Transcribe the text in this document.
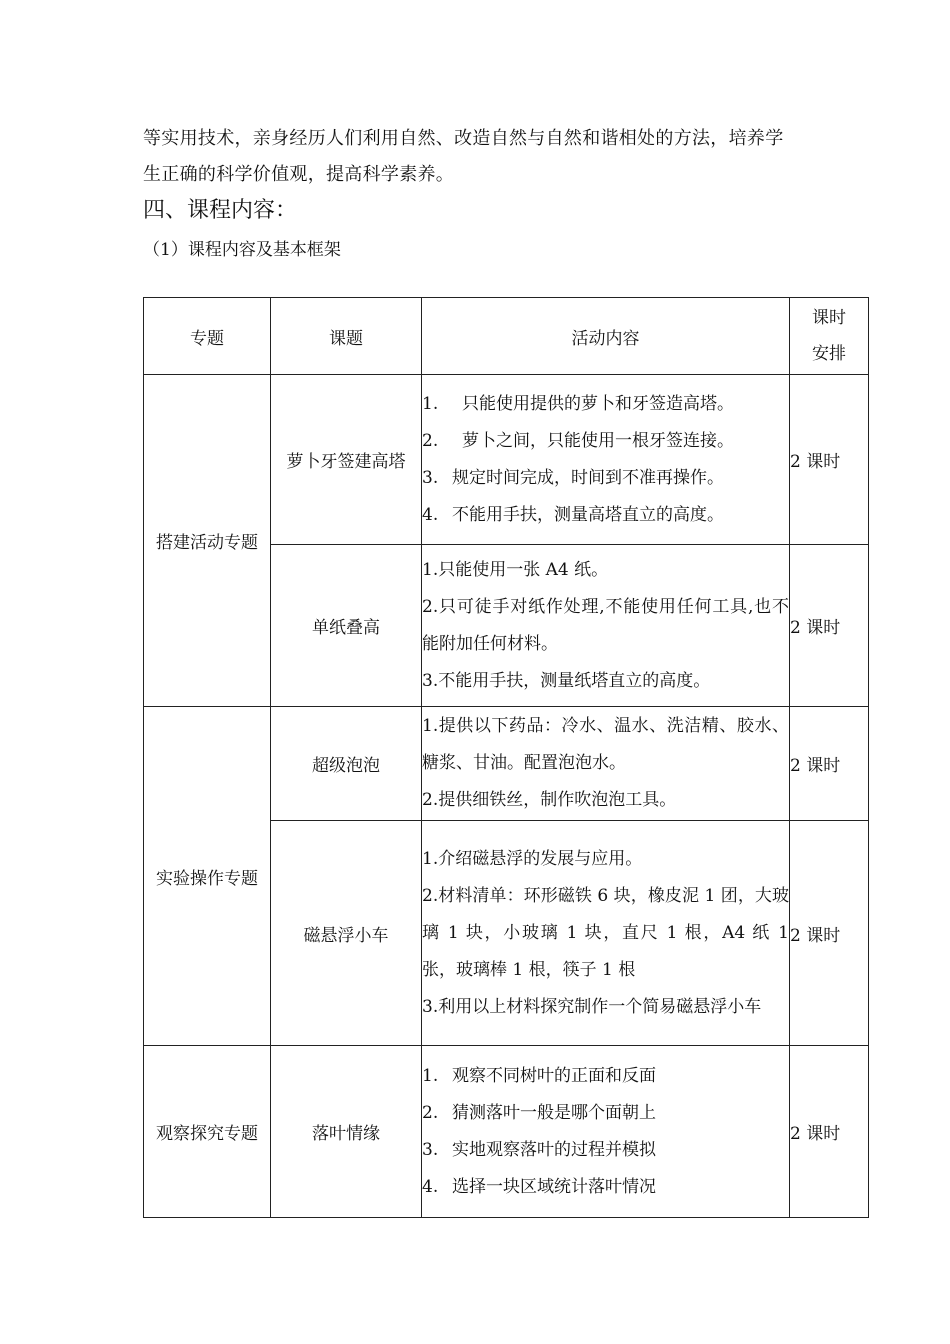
等实用技术，亲身经历人们利用自然、改造自然与自然和谐相处的方法，培养学

生正确的科学价值观，提高科学素养。

四、课程内容：

（1）课程内容及基本框架

专题	课题	活动内容	课时
安排

搭建活动专题	萝卜牙签建高塔	1. 只能使用提供的萝卜和牙签造高塔。
2. 萝卜之间，只能使用一根牙签连接。
3. 规定时间完成，时间到不准再操作。
4. 不能用手扶，测量高塔直立的高度。	2 课时
	单纸叠高	1.只能使用一张 A4 纸。
2.只可徒手对纸作处理,不能使用任何工具,也不能附加任何材料。
3.不能用手扶，测量纸塔直立的高度。	2 课时
实验操作专题	超级泡泡	1.提供以下药品：冷水、温水、洗洁精、胶水、糖浆、甘油。配置泡泡水。
2.提供细铁丝，制作吹泡泡工具。	2 课时
	磁悬浮小车	1.介绍磁悬浮的发展与应用。
2.材料清单：环形磁铁 6 块，橡皮泥 1 团，大玻璃 1 块，小玻璃 1 块，直尺 1 根，A4 纸 1 张，玻璃棒 1 根，筷子 1 根
3.利用以上材料探究制作一个简易磁悬浮小车	2 课时
观察探究专题	落叶情缘	1. 观察不同树叶的正面和反面
2. 猜测落叶一般是哪个面朝上
3. 实地观察落叶的过程并模拟
4. 选择一块区域统计落叶情况	2 课时
